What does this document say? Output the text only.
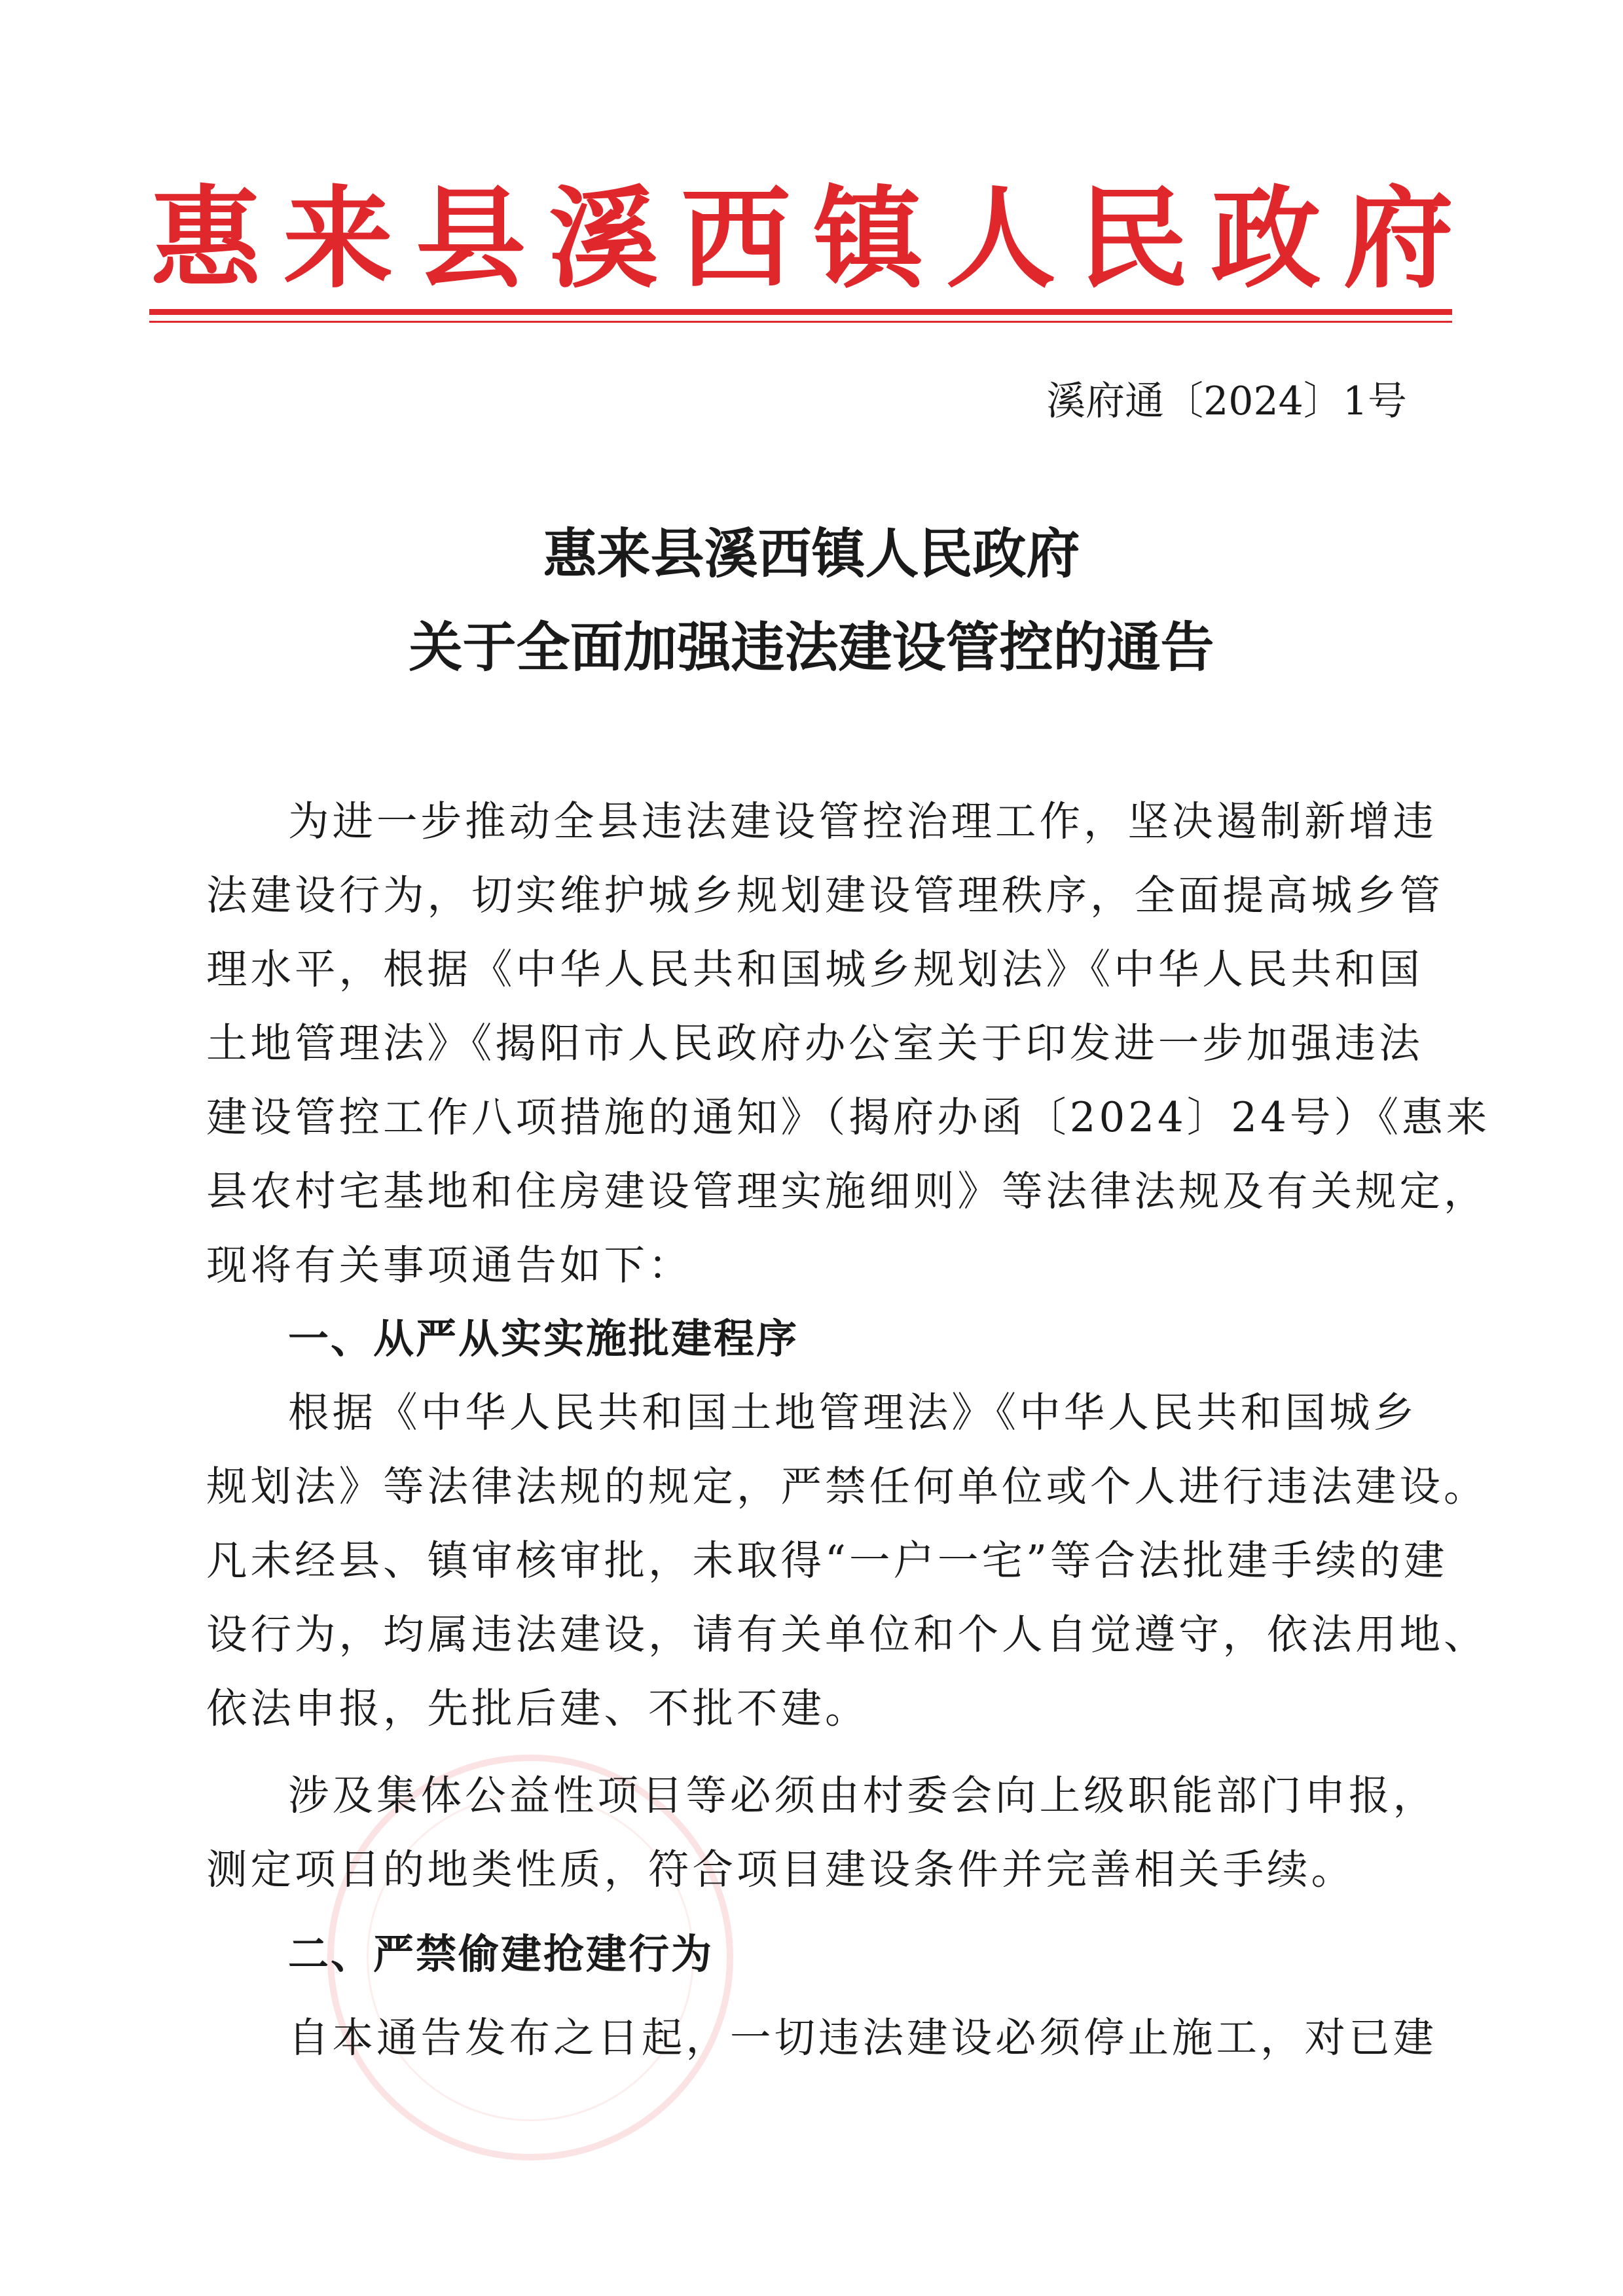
惠 来 县 溪 西 镇 人 民 政 府
溪府通〔2024〕1号
惠来县溪西镇人民政府
关于全面加强违法建设管控的通告
为进一步推动全县违法建设管控治理工作，坚决遏制新增违
法建设行为，切实维护城乡规划建设管理秩序，全面提高城乡管
理水平，根据《中华人民共和国城乡规划法》《中华人民共和国
土地管理法》《揭阳市人民政府办公室关于印发进一步加强违法
建设管控工作八项措施的通知》（揭府办函〔2024〕24号）《惠来
县农村宅基地和住房建设管理实施细则》等法律法规及有关规定，
现将有关事项通告如下：
一、从严从实实施批建程序
根据《中华人民共和国土地管理法》《中华人民共和国城乡
规划法》等法律法规的规定，严禁任何单位或个人进行违法建设。
凡未经县、镇审核审批，未取得“一户一宅”等合法批建手续的建
设行为，均属违法建设，请有关单位和个人自觉遵守，依法用地、
依法申报，先批后建、不批不建。
涉及集体公益性项目等必须由村委会向上级职能部门申报，
测定项目的地类性质，符合项目建设条件并完善相关手续。
二、严禁偷建抢建行为
自本通告发布之日起，一切违法建设必须停止施工，对已建
